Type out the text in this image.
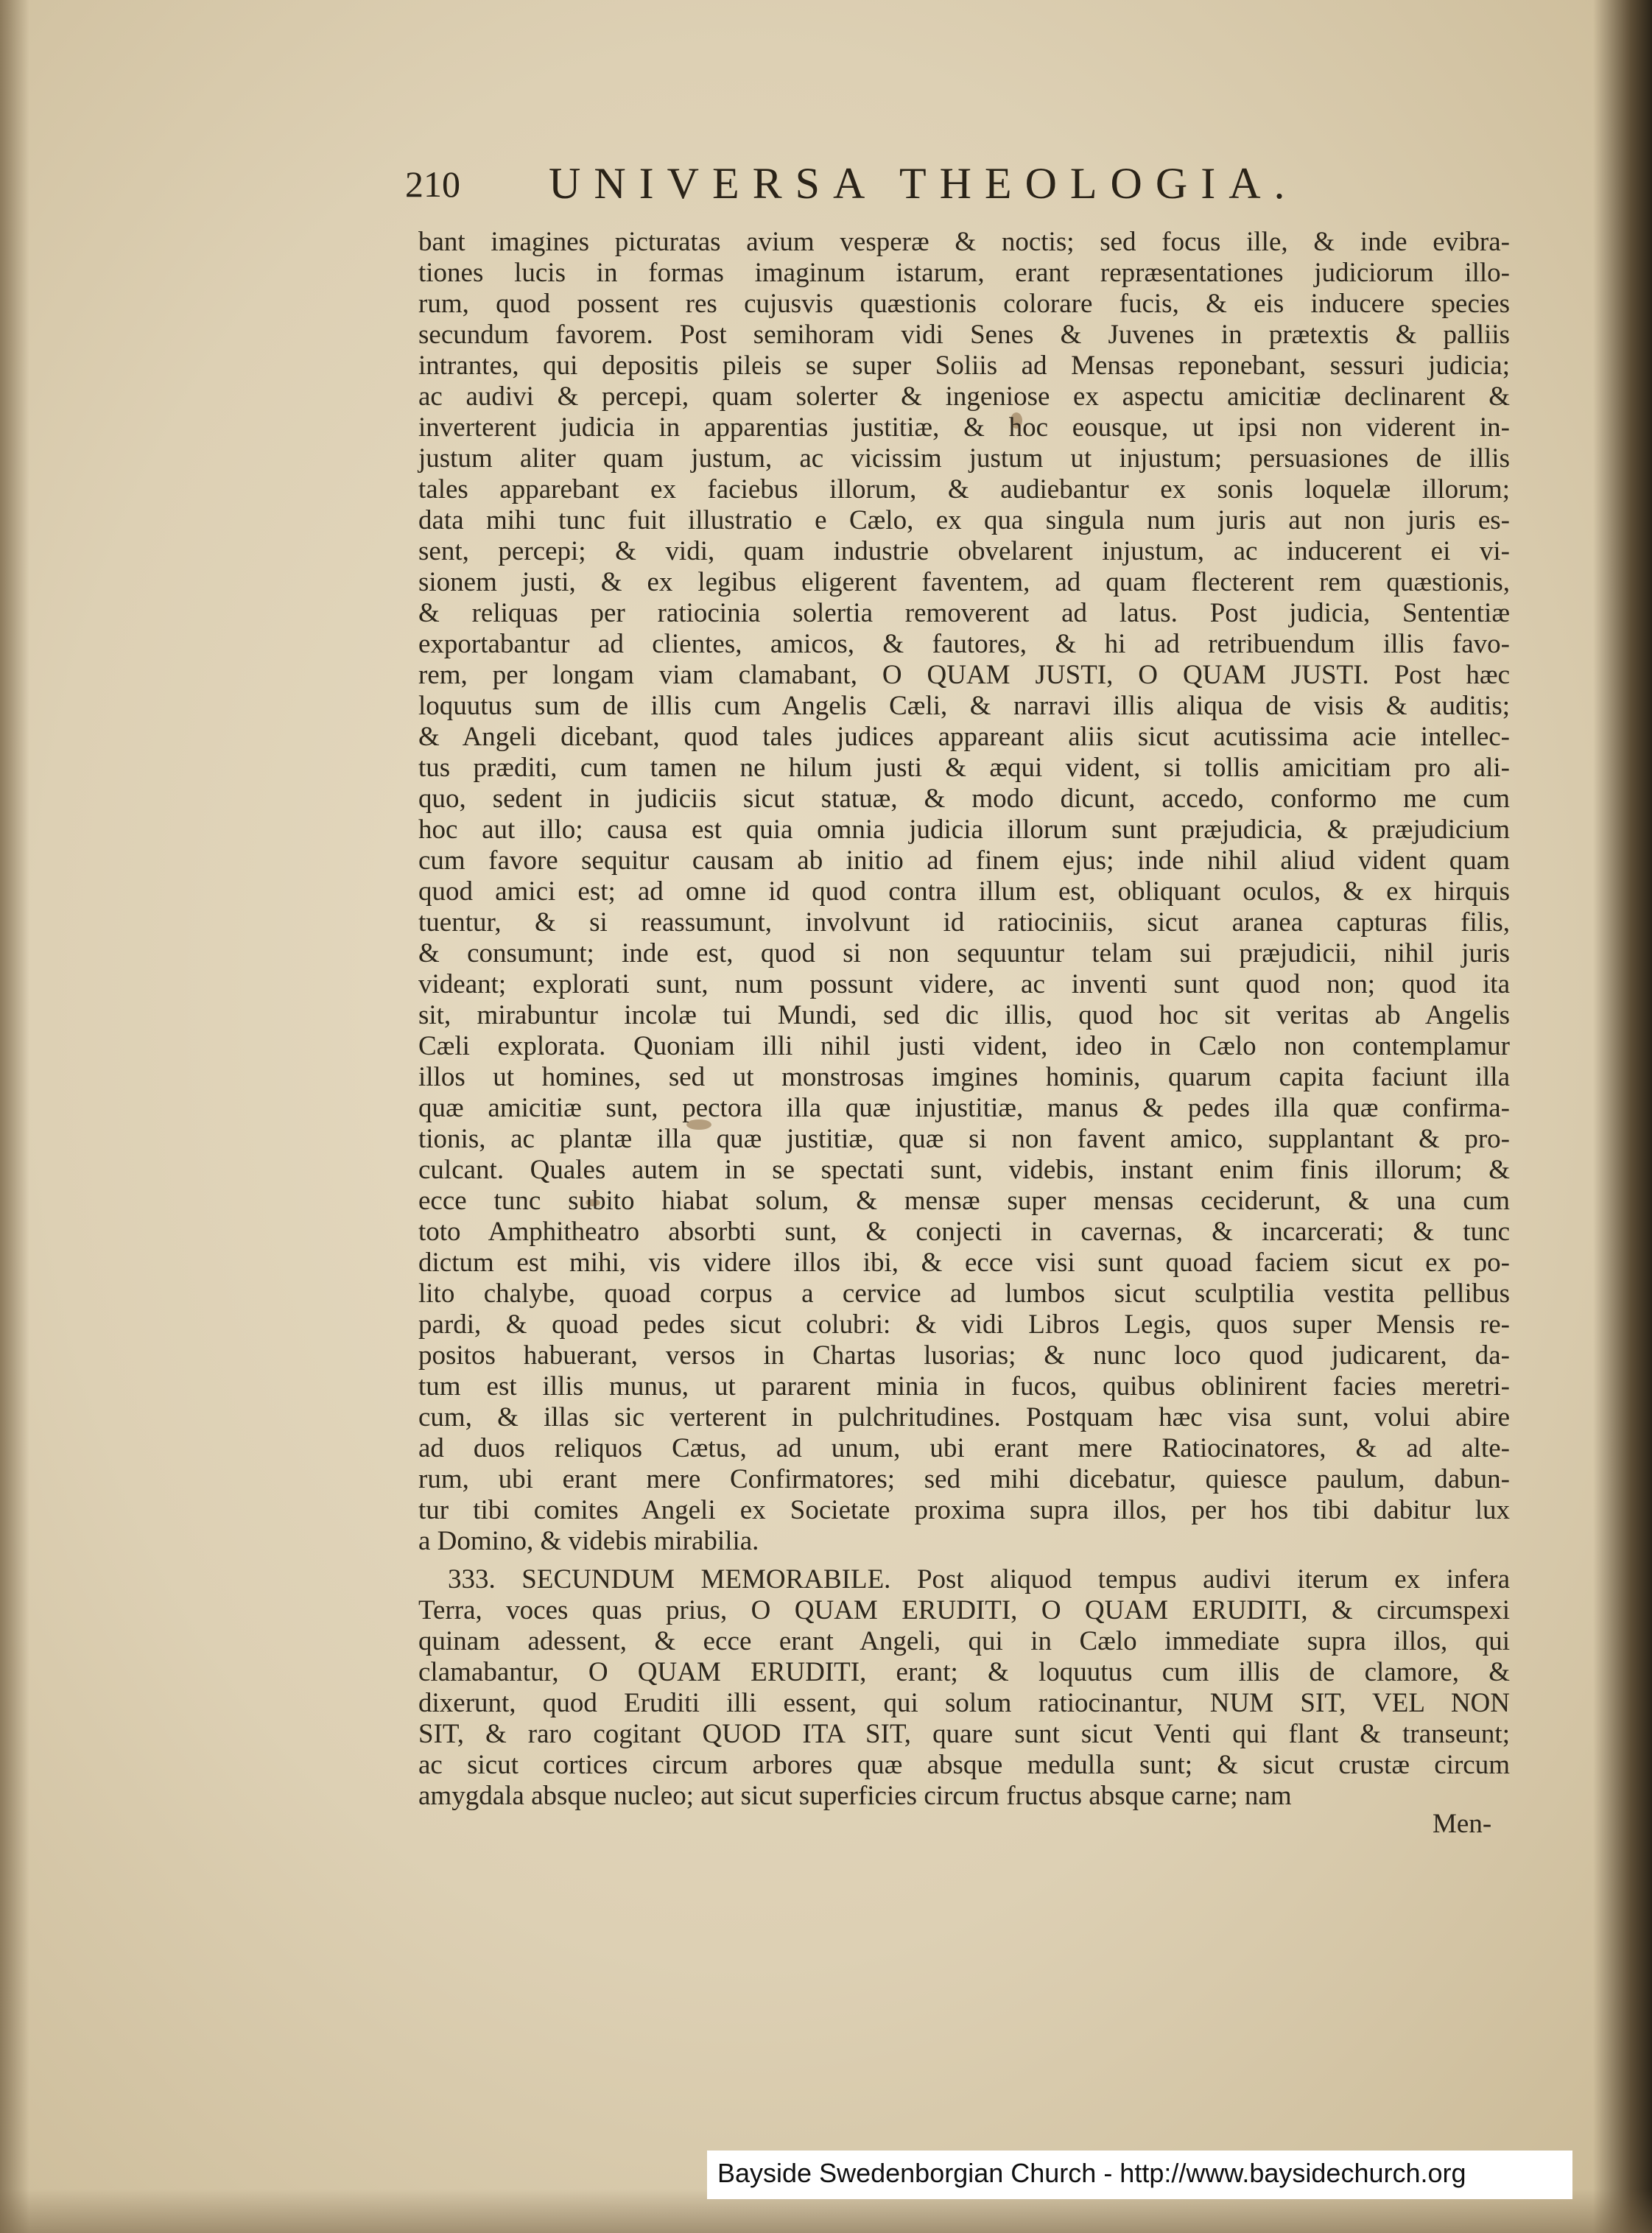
210 UNIVERSA THEOLOGIA.
bant imagines picturatas avium vesperæ & noctis; sed focus ille, & inde evibra-
tiones lucis in formas imaginum istarum, erant repræsentationes judiciorum illo-
rum, quod possent res cujusvis quæstionis colorare fucis, & eis inducere species
secundum favorem. Post semihoram vidi Senes & Juvenes in prætextis & palliis
intrantes, qui depositis pileis se super Soliis ad Mensas reponebant, sessuri judicia;
ac audivi & percepi, quam solerter & ingeniose ex aspectu amicitiæ declinarent &
inverterent judicia in apparentias justitiæ, & hoc eousque, ut ipsi non viderent in-
justum aliter quam justum, ac vicissim justum ut injustum; persuasiones de illis
tales apparebant ex faciebus illorum, & audiebantur ex sonis loquelæ illorum;
data mihi tunc fuit illustratio e Cælo, ex qua singula num juris aut non juris es-
sent, percepi; & vidi, quam industrie obvelarent injustum, ac inducerent ei vi-
sionem justi, & ex legibus eligerent faventem, ad quam flecterent rem quæstionis,
& reliquas per ratiocinia solertia removerent ad latus. Post judicia, Sententiæ
exportabantur ad clientes, amicos, & fautores, & hi ad retribuendum illis favo-
rem, per longam viam clamabant, O QUAM JUSTI, O QUAM JUSTI. Post hæc
loquutus sum de illis cum Angelis Cæli, & narravi illis aliqua de visis & auditis;
& Angeli dicebant, quod tales judices appareant aliis sicut acutissima acie intellec-
tus præditi, cum tamen ne hilum justi & æqui vident, si tollis amicitiam pro ali-
quo, sedent in judiciis sicut statuæ, & modo dicunt, accedo, conformo me cum
hoc aut illo; causa est quia omnia judicia illorum sunt præjudicia, & præjudicium
cum favore sequitur causam ab initio ad finem ejus; inde nihil aliud vident quam
quod amici est; ad omne id quod contra illum est, obliquant oculos, & ex hirquis
tuentur, & si reassumunt, involvunt id ratiociniis, sicut aranea capturas filis,
& consumunt; inde est, quod si non sequuntur telam sui præjudicii, nihil juris
videant; explorati sunt, num possunt videre, ac inventi sunt quod non; quod ita
sit, mirabuntur incolæ tui Mundi, sed dic illis, quod hoc sit veritas ab Angelis
Cæli explorata. Quoniam illi nihil justi vident, ideo in Cælo non contemplamur
illos ut homines, sed ut monstrosas imgines hominis, quarum capita faciunt illa
quæ amicitiæ sunt, pectora illa quæ injustitiæ, manus & pedes illa quæ confirma-
tionis, ac plantæ illa quæ justitiæ, quæ si non favent amico, supplantant & pro-
culcant. Quales autem in se spectati sunt, videbis, instant enim finis illorum; &
ecce tunc subito hiabat solum, & mensæ super mensas ceciderunt, & una cum
toto Amphitheatro absorbti sunt, & conjecti in cavernas, & incarcerati; & tunc
dictum est mihi, vis videre illos ibi, & ecce visi sunt quoad faciem sicut ex po-
lito chalybe, quoad corpus a cervice ad lumbos sicut sculptilia vestita pellibus
pardi, & quoad pedes sicut colubri: & vidi Libros Legis, quos super Mensis re-
positos habuerant, versos in Chartas lusorias; & nunc loco quod judicarent, da-
tum est illis munus, ut pararent minia in fucos, quibus oblinirent facies meretri-
cum, & illas sic verterent in pulchritudines. Postquam hæc visa sunt, volui abire
ad duos reliquos Cætus, ad unum, ubi erant mere Ratiocinatores, & ad alte-
rum, ubi erant mere Confirmatores; sed mihi dicebatur, quiesce paulum, dabun-
tur tibi comites Angeli ex Societate proxima supra illos, per hos tibi dabitur lux
a Domino, & videbis mirabilia.
333. SECUNDUM MEMORABILE. Post aliquod tempus audivi iterum ex infera
Terra, voces quas prius, O QUAM ERUDITI, O QUAM ERUDITI, & circumspexi
quinam adessent, & ecce erant Angeli, qui in Cælo immediate supra illos, qui
clamabantur, O QUAM ERUDITI, erant; & loquutus cum illis de clamore, &
dixerunt, quod Eruditi illi essent, qui solum ratiocinantur, NUM SIT, VEL NON
SIT, & raro cogitant QUOD ITA SIT, quare sunt sicut Venti qui flant & transeunt;
ac sicut cortices circum arbores quæ absque medulla sunt; & sicut crustæ circum
amygdala absque nucleo; aut sicut superficies circum fructus absque carne; nam
Men-
Bayside Swedenborgian Church - http://www.baysidechurch.org
